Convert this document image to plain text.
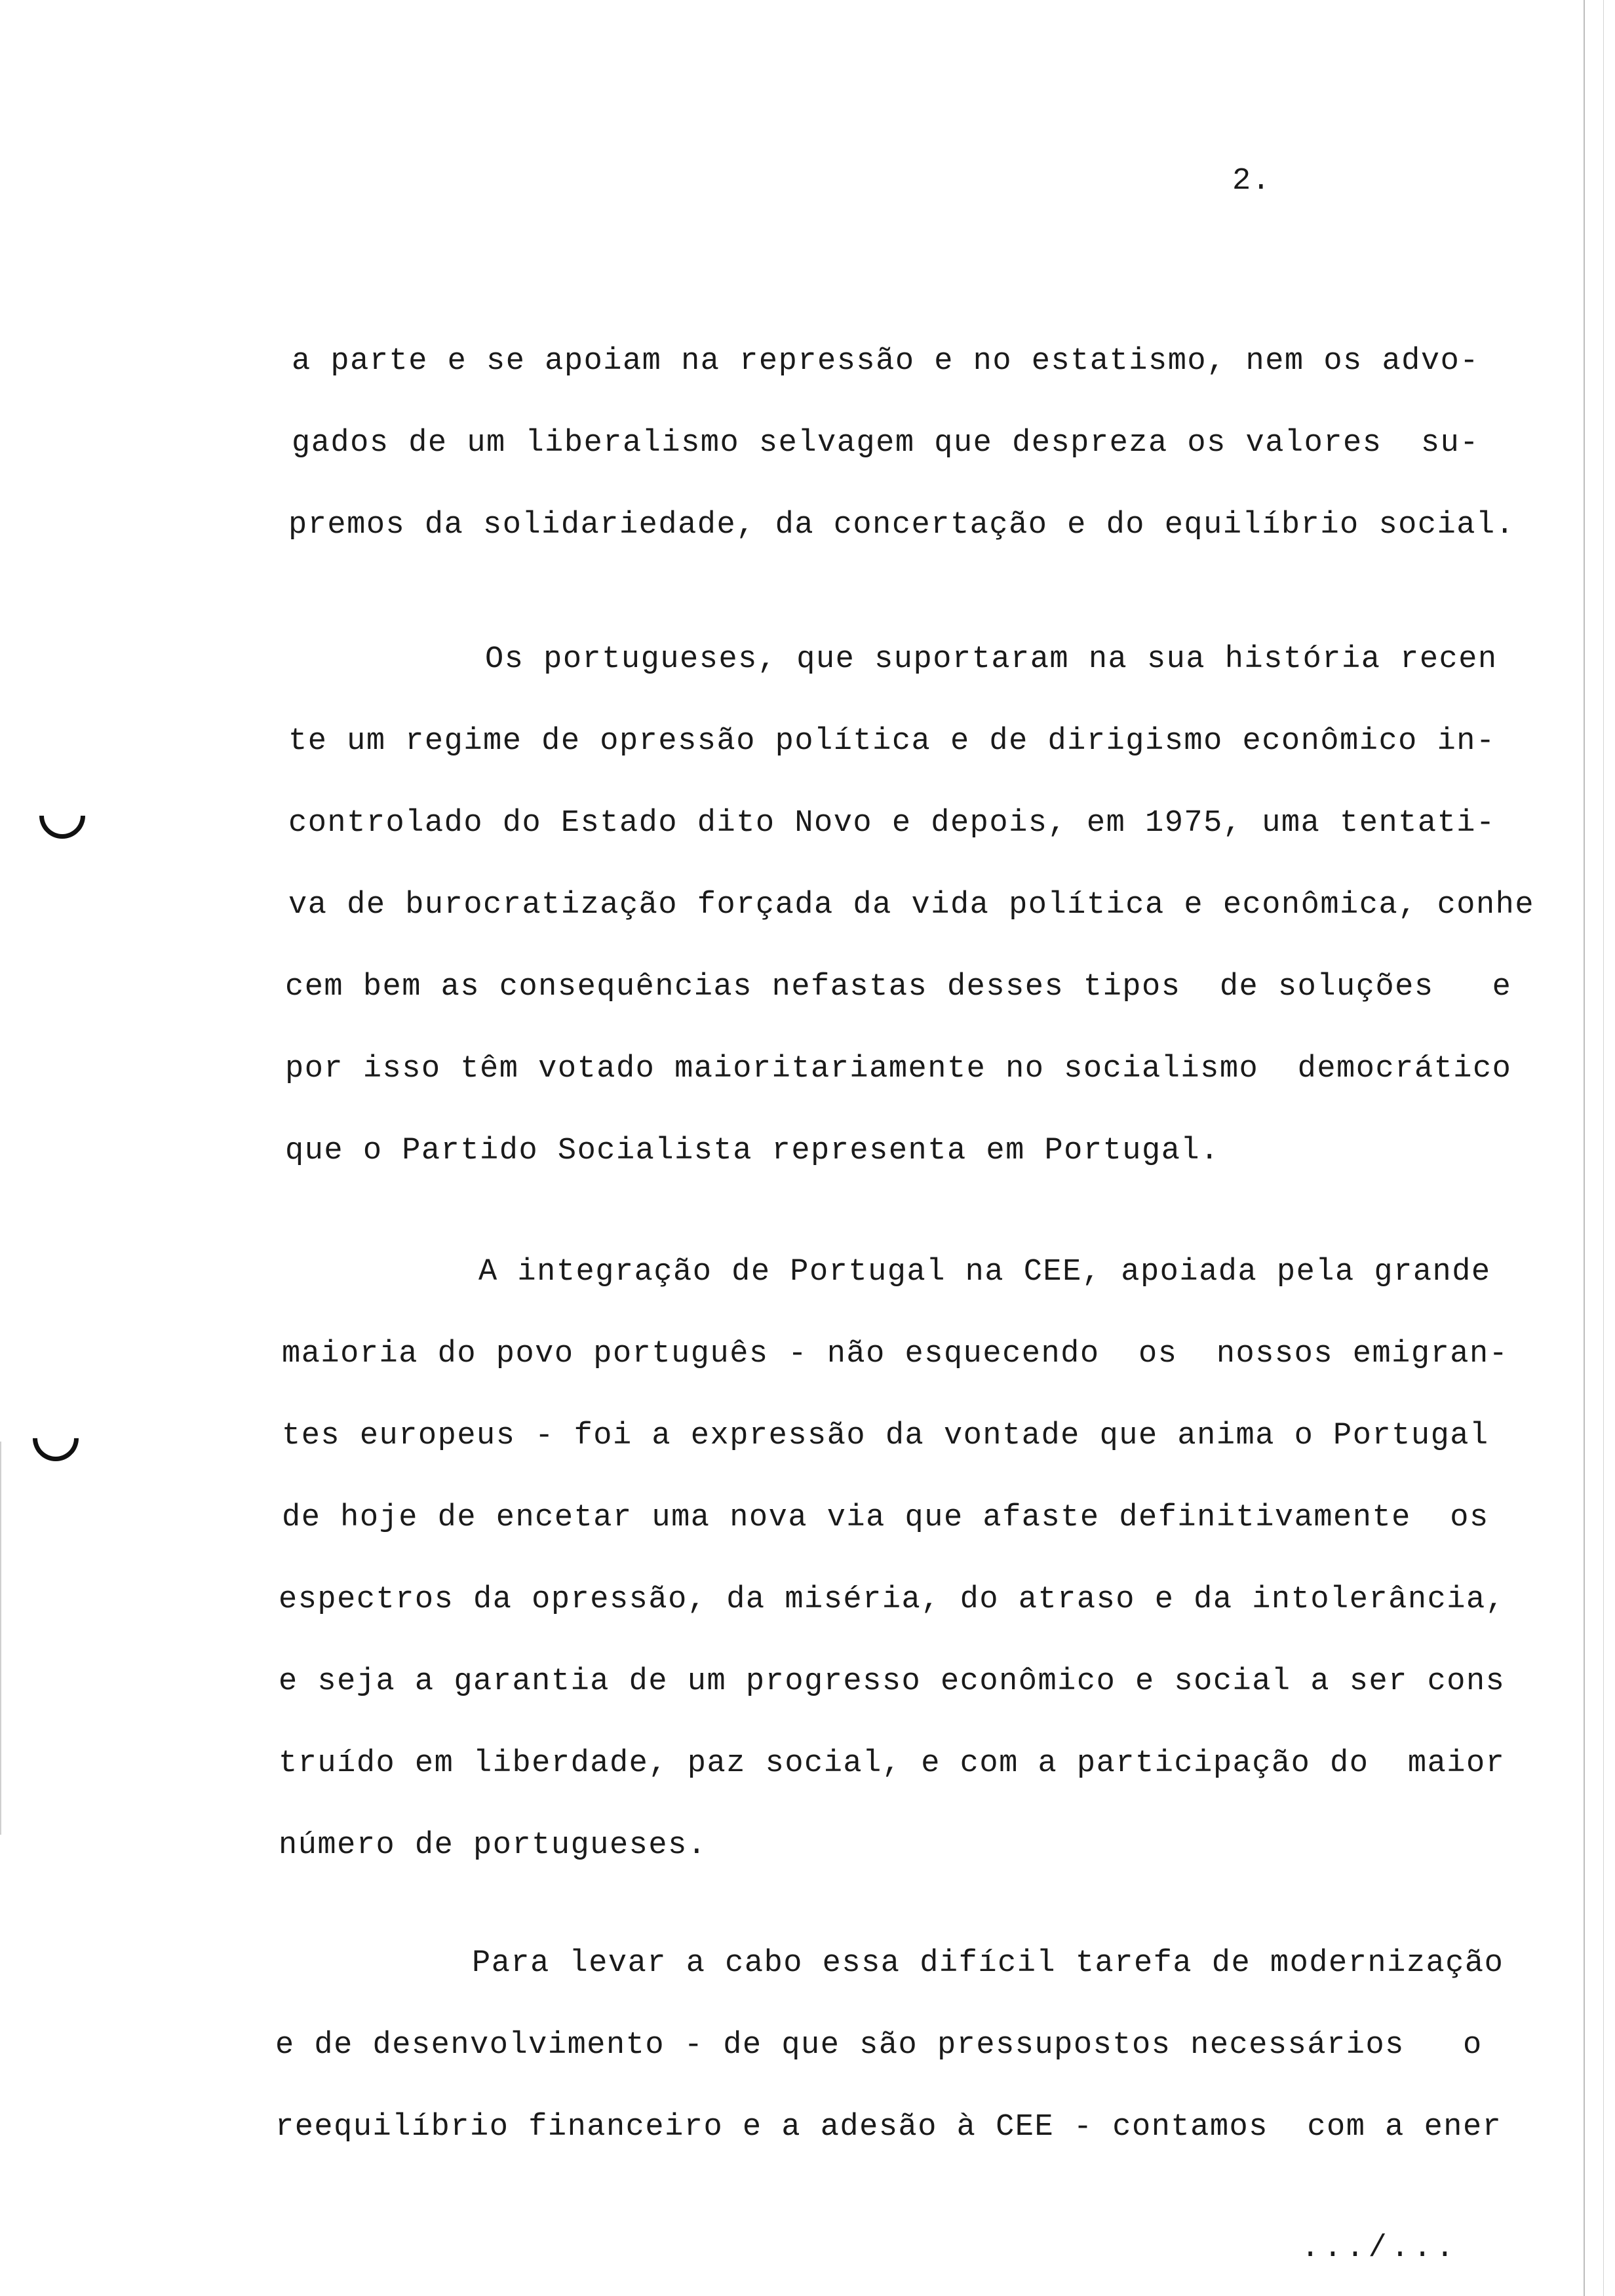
2.

a parte e se apoiam na repressão e no estatismo, nem os advo-

gados de um liberalismo selvagem que despreza os valores  su-

premos da solidariedade, da concertação e do equilíbrio social.

Os portugueses, que suportaram na sua história recen

te um regime de opressão política e de dirigismo econômico in-

controlado do Estado dito Novo e depois, em 1975, uma tentati-

va de burocratização forçada da vida política e econômica, conhe

cem bem as consequências nefastas desses tipos  de soluções   e

por isso têm votado maioritariamente no socialismo  democrático

que o Partido Socialista representa em Portugal.

A integração de Portugal na CEE, apoiada pela grande

maioria do povo português - não esquecendo  os  nossos emigran-

tes europeus - foi a expressão da vontade que anima o Portugal

de hoje de encetar uma nova via que afaste definitivamente  os

espectros da opressão, da miséria, do atraso e da intolerância,

e seja a garantia de um progresso econômico e social a ser cons

truído em liberdade, paz social, e com a participação do  maior

número de portugueses.

Para levar a cabo essa difícil tarefa de modernização

e de desenvolvimento - de que são pressupostos necessários   o

reequilíbrio financeiro e a adesão à CEE - contamos  com a ener

.../...
